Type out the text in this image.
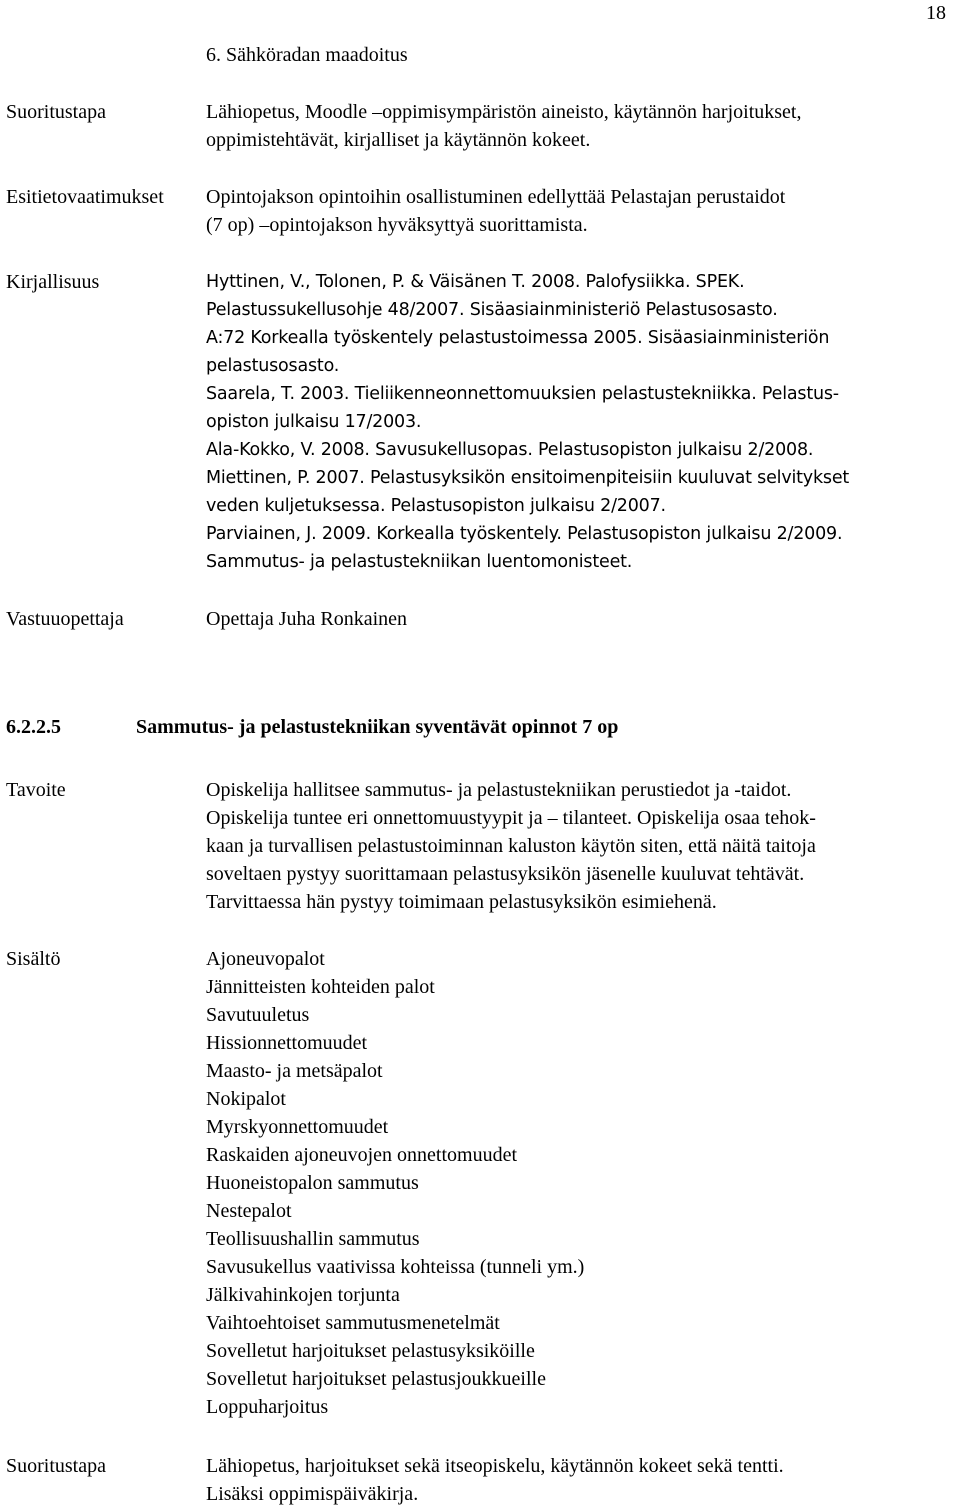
18
6. Sähköradan maadoitus
Suoritustapa	Lähiopetus, Moodle –oppimisympäristön aineisto, käytännön harjoitukset,
oppimistehtävät, kirjalliset ja käytännön kokeet.
Esitietovaatimukset Opintojakson opintoihin osallistuminen edellyttää Pelastajan perustaidot
(7 op) –opintojakson hyväksyttyä suorittamista.
Kirjallisuus	Hyttinen, V., Tolonen, P. & Väisänen T. 2008. Palofysiikka. SPEK.
Pelastussukellusohje 48/2007. Sisäasiainministeriö Pelastusosasto.
A:72 Korkealla työskentely pelastustoimessa 2005. Sisäasiainministeriön
pelastusosasto.
Saarela, T. 2003. Tieliikenneonnettomuuksien pelastustekniikka. Pelastus-
opiston julkaisu 17/2003.
Ala-Kokko, V. 2008. Savusukellusopas. Pelastusopiston julkaisu 2/2008.
Miettinen, P. 2007. Pelastusyksikön ensitoimenpiteisiin kuuluvat selvitykset
veden kuljetuksessa. Pelastusopiston julkaisu 2/2007.
Parviainen, J. 2009. Korkealla työskentely. Pelastusopiston julkaisu 2/2009.
Sammutus- ja pelastustekniikan luentomonisteet.
Vastuuopettaja	Opettaja Juha Ronkainen
6.2.2.5	Sammutus- ja pelastustekniikan syventävät opinnot 7 op
Tavoite	Opiskelija hallitsee sammutus- ja pelastustekniikan perustiedot ja -taidot.
Opiskelija tuntee eri onnettomuustyypit ja – tilanteet. Opiskelija osaa tehok-
kaan ja turvallisen pelastustoiminnan kaluston käytön siten, että näitä taitoja
soveltaen pystyy suorittamaan pelastusyksikön jäsenelle kuuluvat tehtävät.
Tarvittaessa hän pystyy toimimaan pelastusyksikön esimiehenä.
Sisältö	Ajoneuvopalot
Jännitteisten kohteiden palot
Savutuuletus
Hissionnettomuudet
Maasto- ja metsäpalot
Nokipalot
Myrskyonnettomuudet
Raskaiden ajoneuvojen onnettomuudet
Huoneistopalon sammutus
Nestepalot
Teollisuushallin sammutus
Savusukellus vaativissa kohteissa (tunneli ym.)
Jälkivahinkojen torjunta
Vaihtoehtoiset sammutusmenetelmät
Sovelletut harjoitukset pelastusyksiköille
Sovelletut harjoitukset pelastusjoukkueille
Loppuharjoitus
Suoritustapa	Lähiopetus, harjoitukset sekä itseopiskelu, käytännön kokeet sekä tentti.
Lisäksi oppimispäiväkirja.
